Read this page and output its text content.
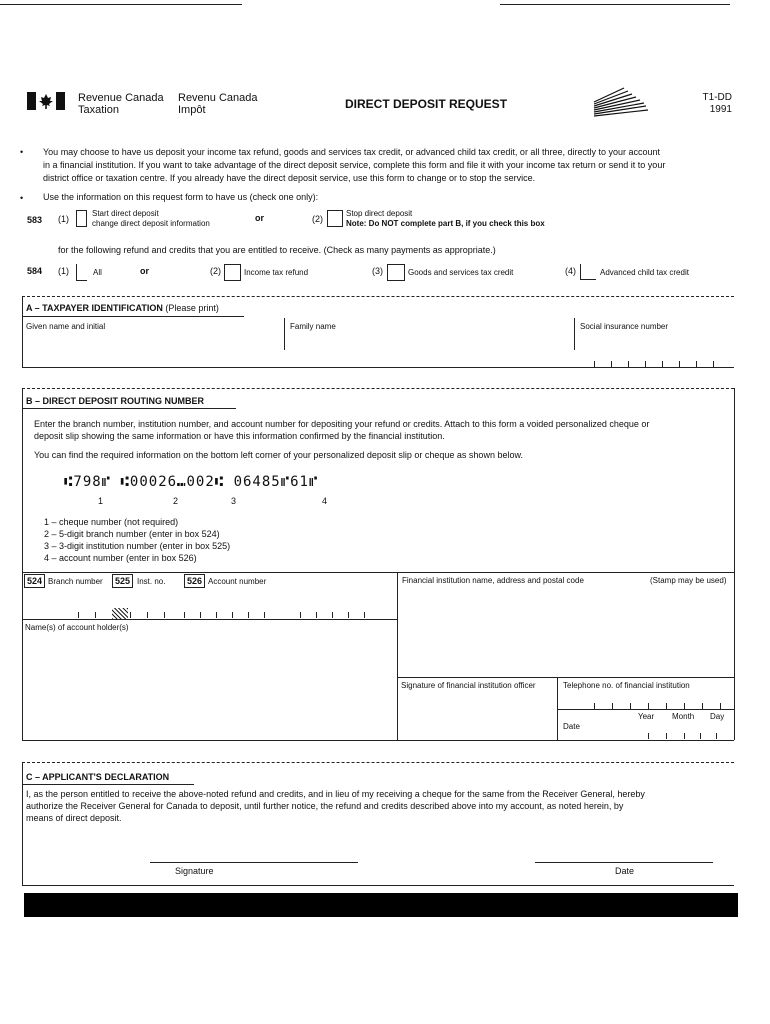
Revenue Canada
Taxation
Revenu Canada
Impôt	DIRECT DEPOSIT REQUEST	T1-DD
1991
• You may choose to have us deposit your income tax refund, goods and services tax credit, or advanced child tax credit, or all three, directly to your account
in a financial institution. If you want to take advantage of the direct deposit service, complete this form and file it with your income tax return or send it to your
district office or taxation centre. If you already have the direct deposit service, use this form to change or to stop the service.
• Use the information on this request form to have us (check one only):
583 (1)
Start direct deposit
change direct deposit information
or	(2)
Stop direct deposit
Note: Do NOT complete part B, if you check this box
for the following refund and credits that you are entitled to receive. (Check as many payments as appropriate.)
584 (1)	All	or	(2)	Income tax refund	(3)	Goods and services tax credit	(4)	Advanced child tax credit
A – TAXPAYER IDENTIFICATION (Please print)
Given name and initial	Family name	Social insurance number
B – DIRECT DEPOSIT ROUTING NUMBER
Enter the branch number, institution number, and account number for depositing your refund or credits. Attach to this form a voided personalized cheque or
deposit slip showing the same information or have this information confirmed by the financial institution.
You can find the required information on the bottom left corner of your personalized deposit slip or cheque as shown below.
⑆798⑈ ⑆00026⑉002⑆ 06485⑈61⑈
1	2	3	4
1 – cheque number (not required)
2 – 5-digit branch number (enter in box 524)
3 – 3-digit institution number (enter in box 525)
4 – account number (enter in box 526)
524 Branch number	525 Inst. no.	526 Account number	Financial institution name, address and postal code	(Stamp may be used)
Name(s) of account holder(s)
Signature of financial institution officer	Telephone no. of financial institution
Year Month Day
Date
C – APPLICANT'S DECLARATION
I, as the person entitled to receive the above-noted refund and credits, and in lieu of my receiving a cheque for the same from the Receiver General, hereby
authorize the Receiver General for Canada to deposit, until further notice, the refund and credits described above into my account, as noted herein, by
means of direct deposit.
Signature	Date
